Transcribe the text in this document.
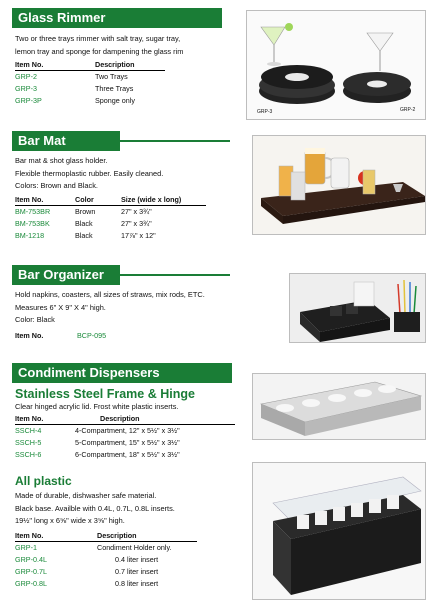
Glass Rimmer
Two or three trays rimmer with salt tray, sugar tray,
lemon tray and sponge for dampening the glass rim
Item No.	Description
GRP-2	Two Trays
GRP-3	Three Trays
GRP-3P	Sponge only
GRP-3	GRP-2
Bar Mat
Bar mat & shot glass holder.
Flexible thermoplastic rubber. Easily cleaned.
Colors: Brown and Black.
Item No.	Color	Size (wide x long)
BM-753BR	Brown	27" x 3¾"
BM-753BK	Black	27" x 3¾"
BM-1218	Black	17⅞" x 12"
Bar Organizer
Hold napkins, coasters, all sizes of straws, mix rods, ETC.
Measures 6" X 9" X 4" high.
Color: Black
Item No.	BCP-095
Condiment Dispensers
Stainless Steel Frame & Hinge
Clear hinged acrylic lid. Frost white plastic inserts.
Item No.	Description
SSCH-4	4-Compartment, 12" x 5½" x 3½"
SSCH-5	5-Compartment, 15" x 5½" x 3½"
SSCH-6	6-Compartment, 18" x 5½" x 3½"
All plastic
Made of durable, dishwasher safe material.
Black base. Availble with 0.4L, 0.7L, 0.8L inserts.
19½" long x 6⅝" wide x 3⅝" high.
Item No.	Description
GRP-1	Condiment Holder only.
GRP-0.4L	0.4 liter insert
GRP-0.7L	0.7 liter insert
GRP-0.8L	0.8 liter insert
